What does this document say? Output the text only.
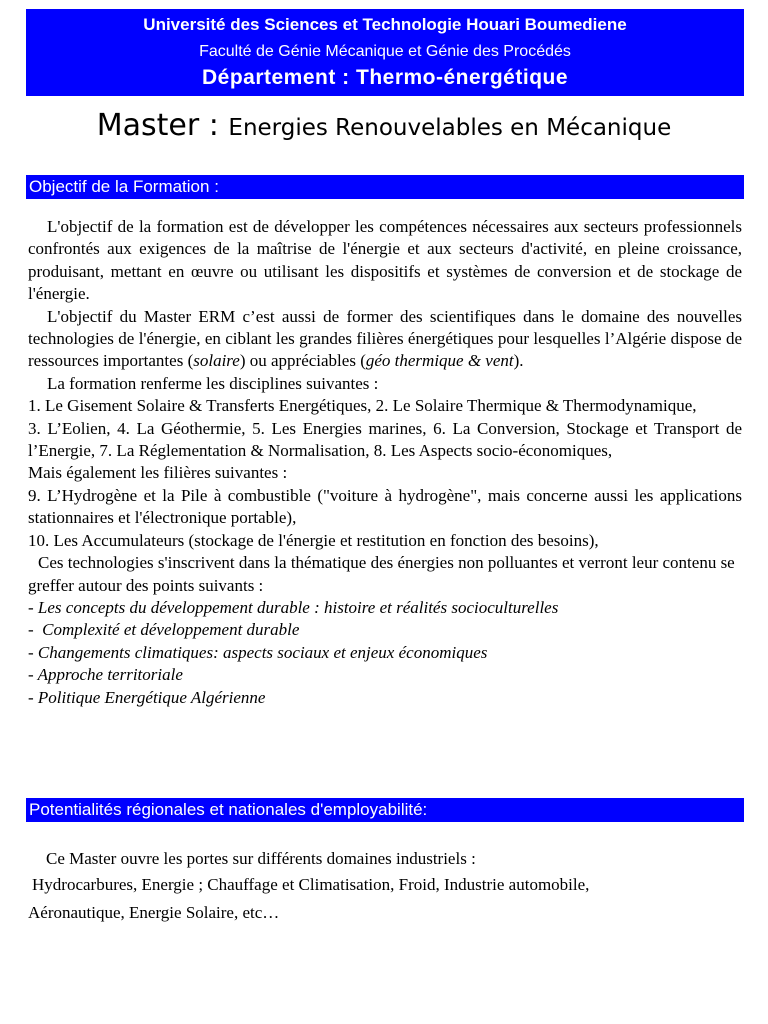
Université des Sciences et Technologie Houari Boumediene
Faculté de Génie Mécanique et Génie des Procédés
Département : Thermo-énergétique
Master : Energies Renouvelables en Mécanique
Objectif de la Formation :

L'objectif de la formation est de développer les compétences nécessaires aux secteurs professionnels confrontés aux exigences de la maîtrise de l'énergie et aux secteurs d'activité, en pleine croissance, produisant, mettant en œuvre ou utilisant les dispositifs et systèmes de conversion et de stockage de l'énergie.

L'objectif du Master ERM c’est aussi de former des scientifiques dans le domaine des nouvelles technologies de l'énergie, en ciblant les grandes filières énergétiques pour lesquelles l’Algérie dispose de ressources importantes (solaire) ou appréciables (géo thermique & vent).

La formation renferme les disciplines suivantes :

1. Le Gisement Solaire & Transferts Energétiques, 2. Le Solaire Thermique & Thermodynamique,

3. L’Eolien, 4. La Géothermie, 5. Les Energies marines, 6. La Conversion, Stockage et Transport de l’Energie, 7. La Réglementation & Normalisation, 8. Les Aspects socio-économiques,

Mais également les filières suivantes :

9. L’Hydrogène et la Pile à combustible ("voiture à hydrogène", mais concerne aussi les applications stationnaires et l'électronique portable),

10. Les Accumulateurs (stockage de l'énergie et restitution en fonction des besoins),

Ces technologies s'inscrivent dans la thématique des énergies non polluantes et verront leur contenu se greffer autour des points suivants :

- Les concepts du développement durable : histoire et réalités socioculturelles

-  Complexité et développement durable

- Changements climatiques: aspects sociaux et enjeux économiques

- Approche territoriale

- Politique Energétique Algérienne

Potentialités régionales et nationales d'employabilité:

Ce Master ouvre les portes sur différents domaines industriels :

Hydrocarbures, Energie ; Chauffage et Climatisation, Froid, Industrie automobile,

Aéronautique, Energie Solaire, etc…
